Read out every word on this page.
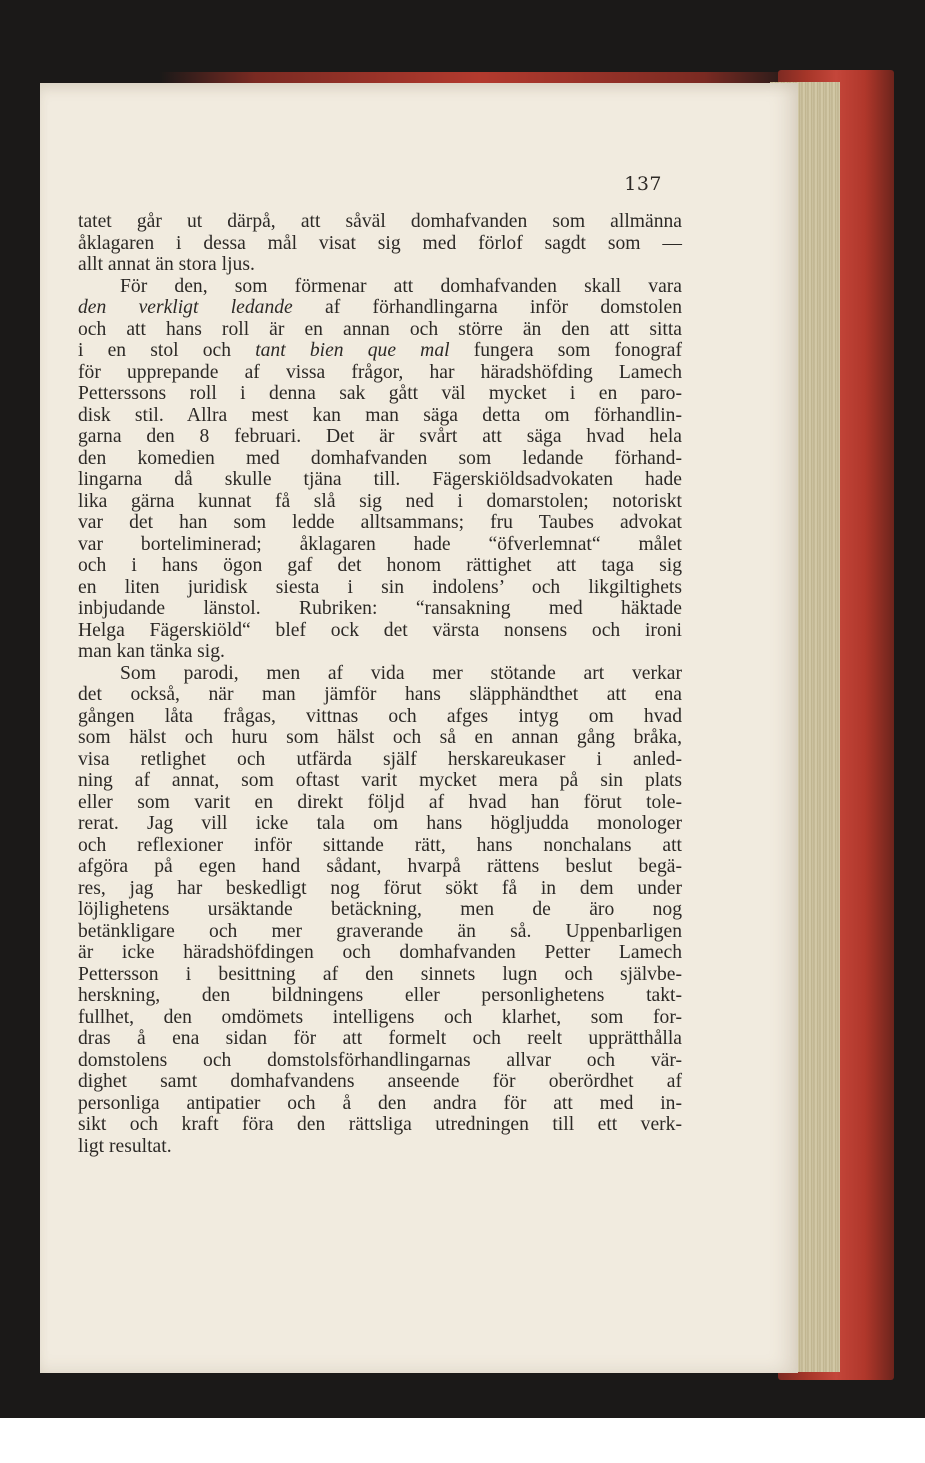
137
tatet går ut därpå, att såväl domhafvanden som allmänna
åklagaren i dessa mål visat sig med förlof sagdt som —
allt annat än stora ljus.
För den, som förmenar att domhafvanden skall vara
den verkligt ledande af förhandlingarna inför domstolen
och att hans roll är en annan och större än den att sitta
i en stol och tant bien que mal fungera som fonograf
för upprepande af vissa frågor, har häradshöfding Lamech
Petterssons roll i denna sak gått väl mycket i en paro-
disk stil. Allra mest kan man säga detta om förhandlin-
garna den 8 februari. Det är svårt att säga hvad hela
den komedien med domhafvanden som ledande förhand-
lingarna då skulle tjäna till. Fägerskiöldsadvokaten hade
lika gärna kunnat få slå sig ned i domarstolen; notoriskt
var det han som ledde alltsammans; fru Taubes advokat
var borteliminerad; åklagaren hade “öfverlemnat“ målet
och i hans ögon gaf det honom rättighet att taga sig
en liten juridisk siesta i sin indolens’ och likgiltighets
inbjudande länstol. Rubriken: “ransakning med häktade
Helga Fägerskiöld“ blef ock det värsta nonsens och ironi
man kan tänka sig.
Som parodi, men af vida mer stötande art verkar
det också, när man jämför hans släpphändthet att ena
gången låta frågas, vittnas och afges intyg om hvad
som hälst och huru som hälst och så en annan gång bråka,
visa retlighet och utfärda själf herskareukaser i anled-
ning af annat, som oftast varit mycket mera på sin plats
eller som varit en direkt följd af hvad han förut tole-
rerat. Jag vill icke tala om hans högljudda monologer
och reflexioner inför sittande rätt, hans nonchalans att
afgöra på egen hand sådant, hvarpå rättens beslut begä-
res, jag har beskedligt nog förut sökt få in dem under
löjlighetens ursäktande betäckning, men de äro nog
betänkligare och mer graverande än så. Uppenbarligen
är icke häradshöfdingen och domhafvanden Petter Lamech
Pettersson i besittning af den sinnets lugn och självbe-
herskning, den bildningens eller personlighetens takt-
fullhet, den omdömets intelligens och klarhet, som for-
dras å ena sidan för att formelt och reelt upprätthålla
domstolens och domstolsförhandlingarnas allvar och vär-
dighet samt domhafvandens anseende för oberördhet af
personliga antipatier och å den andra för att med in-
sikt och kraft föra den rättsliga utredningen till ett verk-
ligt resultat.
